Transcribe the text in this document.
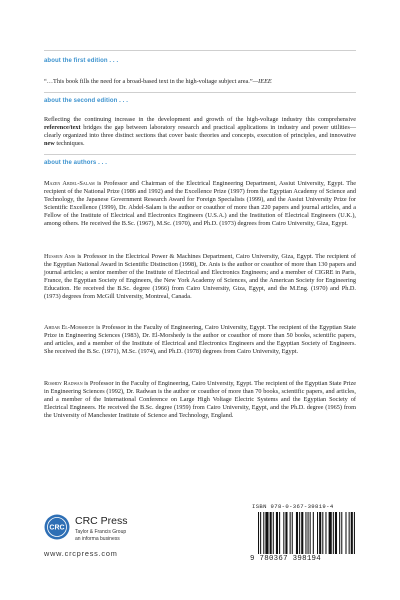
about the first edition . . .

“…This book fills the need for a broad-based text in the high-voltage subject area.”—IEEE

about the second edition . . .

Reflecting the continuing increase in the development and growth of the high-voltage industry this comprehensive reference/text bridges the gap between laboratory research and practical applications in industry and power utilities—clearly organized into three distinct sections that cover basic theories and concepts, execution of principles, and innovative new techniques.

about the authors . . .

Mazen Abdel-Salam is Professor and Chairman of the Electrical Engineering Department, Assiut University, Egypt. The recipient of the National Prize (1986 and 1992) and the Excellence Prize (1997) from the Egyptian Academy of Science and Technology, the Japanese Government Research Award for Foreign Specialists (1999), and the Assiut University Prize for Scientific Excellence (1999), Dr. Abdel-Salam is the author or coauthor of more than 220 papers and journal articles, and a Fellow of the Institute of Electrical and Electronics Engineers (U.S.A.) and the Institution of Electrical Engineers (U.K.), among others. He received the B.Sc. (1967), M.Sc. (1970), and Ph.D. (1973) degrees from Cairo University, Giza, Egypt.

Hussein Anis is Professor in the Electrical Power & Machines Department, Cairo University, Giza, Egypt. The recipient of the Egyptian National Award in Scientific Distinction (1998), Dr. Anis is the author or coauthor of more than 130 papers and journal articles; a senior member of the Institute of Electrical and Electronics Engineers; and a member of CIGRE in Paris, France, the Egyptian Society of Engineers, the New York Academy of Sciences, and the American Society for Engineering Education. He received the B.Sc. degree (1966) from Cairo University, Giza, Egypt, and the M.Eng. (1970) and Ph.D. (1973) degrees from McGill University, Montreal, Canada.

Ahdab El-Morshedy is Professor in the Faculty of Engineering, Cairo University, Egypt. The recipient of the Egyptian State Prize in Engineering Sciences (1983), Dr. El-Morshedy is the author or coauthor of more than 50 books, scientific papers, and articles, and a member of the Institute of Electrical and Electronics Engineers and the Egyptian Society of Engineers. She received the B.Sc. (1971), M.Sc. (1974), and Ph.D. (1978) degrees from Cairo University, Egypt.

Roshdy Radwan is Professor in the Faculty of Engineering, Cairo University, Egypt. The recipient of the Egyptian State Prize in Engineering Sciences (1992), Dr. Radwan is the author or coauthor of more than 70 books, scientific papers, and articles, and a member of the International Conference on Large High Voltage Electric Systems and the Egyptian Society of Electrical Engineers. He received the B.Sc. degree (1959) from Cairo University, Egypt, and the Ph.D. degree (1965) from the University of Manchester Institute of Science and Technology, England.

CRC
CRC Press
Taylor & Francis Group
an informa business
www.crcpress.com
ISBN 978-0-367-39819-4
9 780367 398194
